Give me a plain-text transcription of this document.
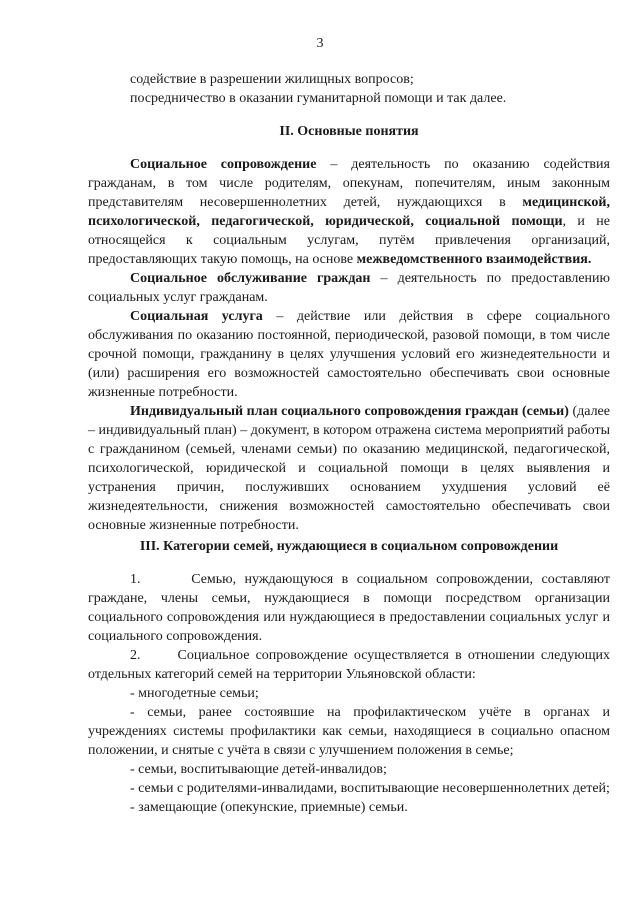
3
содействие в разрешении жилищных вопросов;
посредничество в оказании гуманитарной помощи и так далее.
II. Основные понятия

Социальное сопровождение – деятельность по оказанию содействия гражданам, в том числе родителям, опекунам, попечителям, иным законным представителям несовершеннолетних детей, нуждающихся в медицинской, психологической, педагогической, юридической, социальной помощи, и не относящейся к социальным услугам, путём привлечения организаций, предоставляющих такую помощь, на основе межведомственного взаимодействия.

Социальное обслуживание граждан – деятельность по предоставлению социальных услуг гражданам.

Социальная услуга – действие или действия в сфере социального обслуживания по оказанию постоянной, периодической, разовой помощи, в том числе срочной помощи, гражданину в целях улучшения условий его жизнедеятельности и (или) расширения его возможностей самостоятельно обеспечивать свои основные жизненные потребности.

Индивидуальный план социального сопровождения граждан (семьи) (далее – индивидуальный план) – документ, в котором отражена система мероприятий работы с гражданином (семьей, членами семьи) по оказанию медицинской, педагогической, психологической, юридической и социальной помощи в целях выявления и устранения причин, послуживших основанием ухудшения условий её жизнедеятельности, снижения возможностей самостоятельно обеспечивать свои основные жизненные потребности.

III. Категории семей, нуждающиеся в социальном сопровождении

1.	Семью, нуждающуюся в социальном сопровождении, составляют граждане, члены семьи, нуждающиеся в помощи посредством организации социального сопровождения или нуждающиеся в предоставлении социальных услуг и социального сопровождения.

2.	Социальное сопровождение осуществляется в отношении следующих отдельных категорий семей на территории Ульяновской области:

- многодетные семьи;

- семьи, ранее состоявшие на профилактическом учёте в органах и учреждениях системы профилактики как семьи, находящиеся в социально опасном положении, и снятые с учёта в связи с улучшением положения в семье;

- семьи, воспитывающие детей-инвалидов;

- семьи с родителями-инвалидами, воспитывающие несовершеннолетних детей;

- замещающие (опекунские, приемные) семьи.
